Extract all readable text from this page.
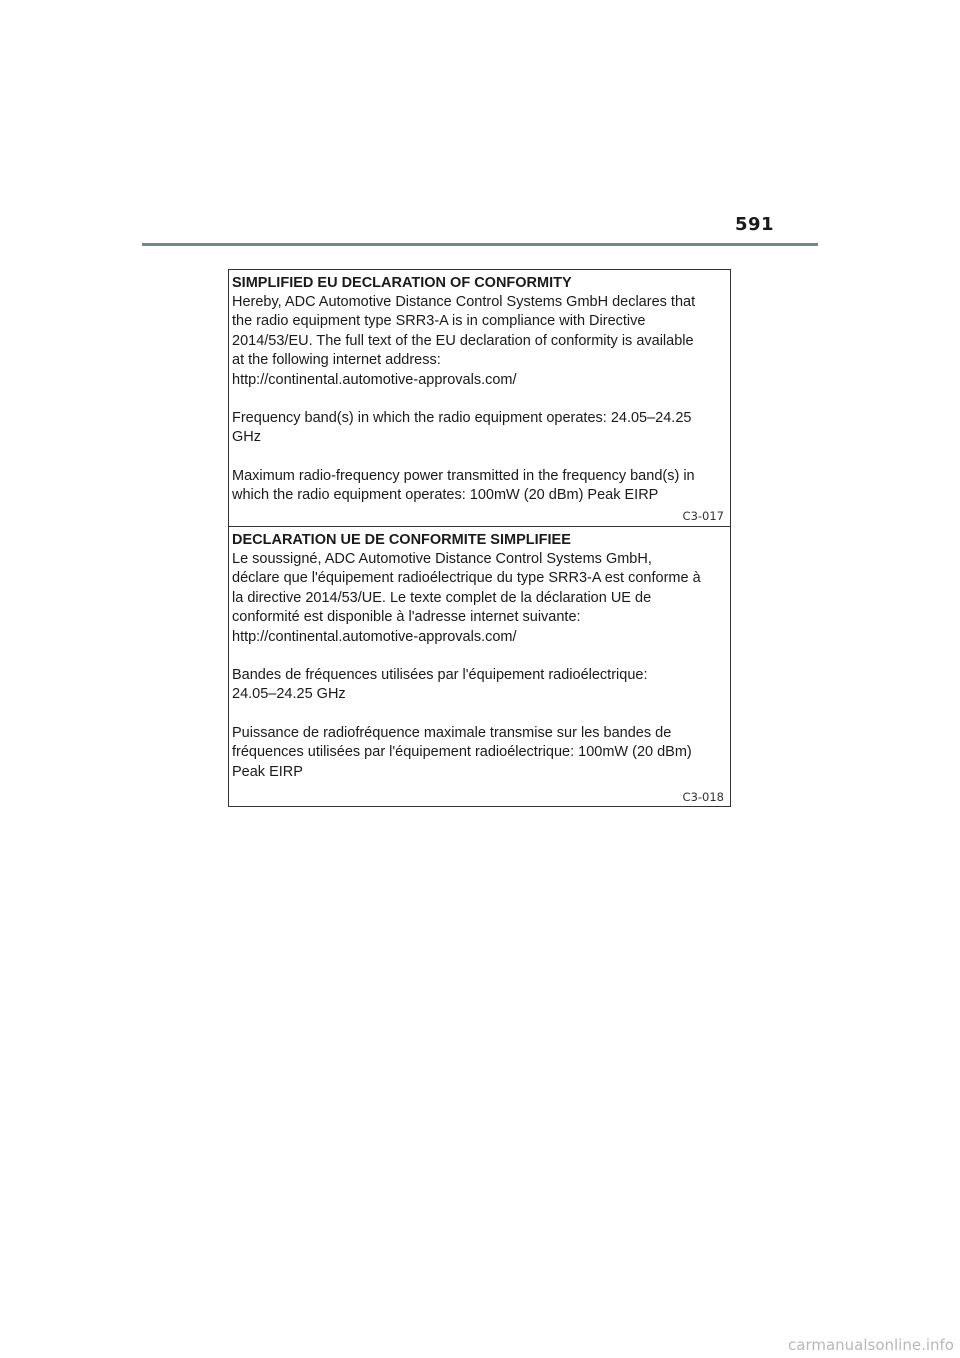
591

SIMPLIFIED EU DECLARATION OF CONFORMITY

Hereby, ADC Automotive Distance Control Systems GmbH declares that

the radio equipment type SRR3-A is in compliance with Directive

2014/53/EU. The full text of the EU declaration of conformity is available

at the following internet address:

http://continental.automotive-approvals.com/

Frequency band(s) in which the radio equipment operates: 24.05–24.25

GHz

Maximum radio-frequency power transmitted in the frequency band(s) in

which the radio equipment operates: 100mW (20 dBm) Peak EIRP

C3-017

DECLARATION UE DE CONFORMITE SIMPLIFIEE

Le soussigné, ADC Automotive Distance Control Systems GmbH,

déclare que l'équipement radioélectrique du type SRR3-A est conforme à

la directive 2014/53/UE. Le texte complet de la déclaration UE de

conformité est disponible à l'adresse internet suivante:

http://continental.automotive-approvals.com/

Bandes de fréquences utilisées par l'équipement radioélectrique:

24.05–24.25 GHz

Puissance de radiofréquence maximale transmise sur les bandes de

fréquences utilisées par l'équipement radioélectrique: 100mW (20 dBm)

Peak EIRP

C3-018
carmanualsonline.info
